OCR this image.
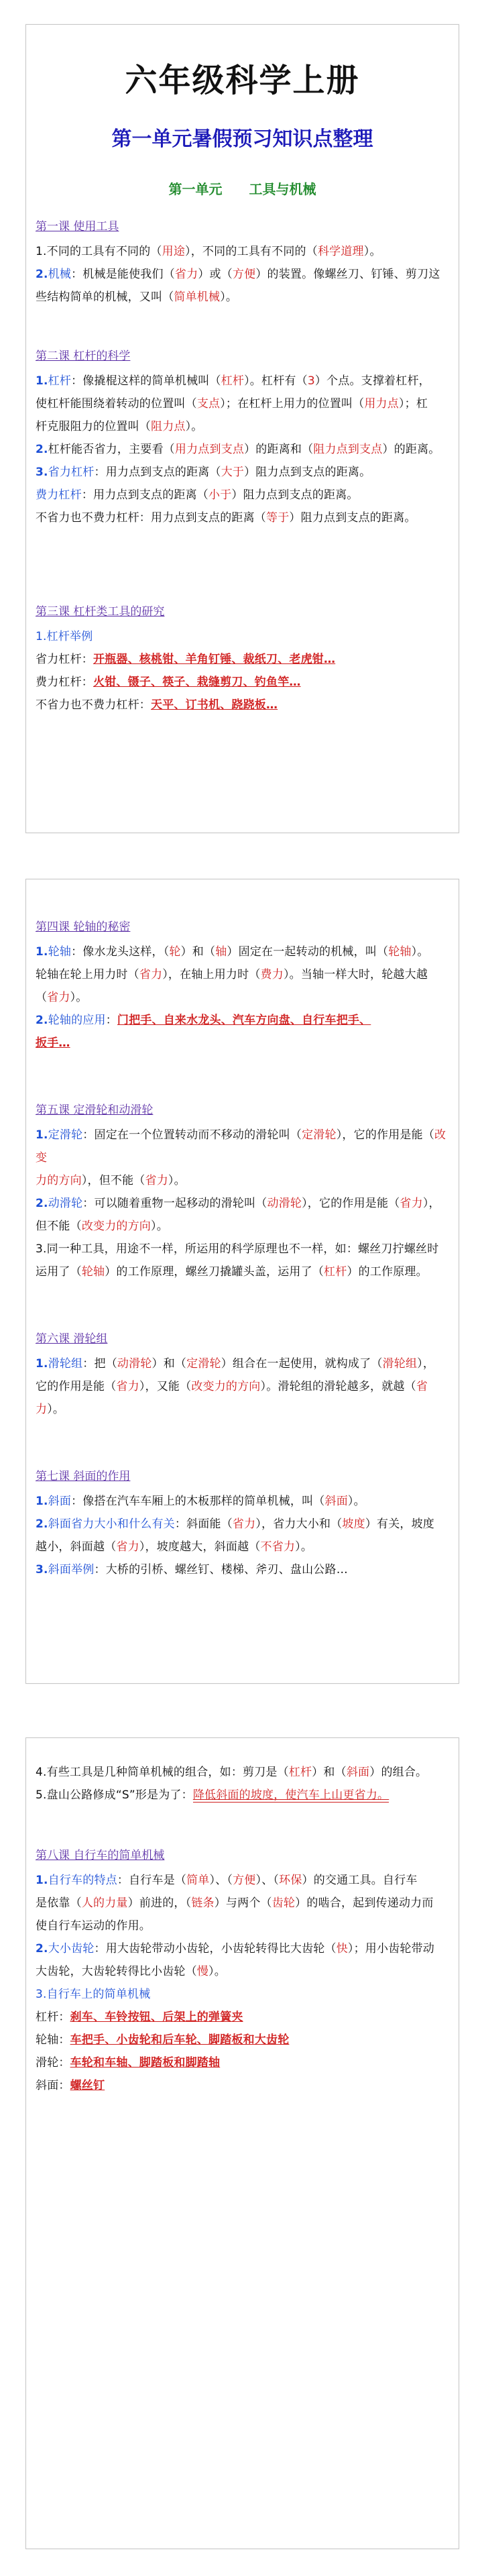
六年级科学上册
第一单元暑假预习知识点整理
第一单元　　工具与机械
第一课 使用工具
1.不同的工具有不同的（用途），不同的工具有不同的（科学道理）。
2.机械：机械是能使我们（省力）或（方便）的装置。像螺丝刀、钉锤、剪刀这
些结构简单的机械，又叫（简单机械）。
第二课 杠杆的科学
1.杠杆：像撬棍这样的简单机械叫（杠杆）。杠杆有（3）个点。支撑着杠杆，
使杠杆能围绕着转动的位置叫（支点）；在杠杆上用力的位置叫（用力点）；杠
杆克服阻力的位置叫（阻力点）。
2.杠杆能否省力，主要看（用力点到支点）的距离和（阻力点到支点）的距离。
3.省力杠杆：用力点到支点的距离（大于）阻力点到支点的距离。
费力杠杆：用力点到支点的距离（小于）阻力点到支点的距离。
不省力也不费力杠杆：用力点到支点的距离（等于）阻力点到支点的距离。
第三课 杠杆类工具的研究
1.杠杆举例
省力杠杆：开瓶器、核桃钳、羊角钉锤、裁纸刀、老虎钳…
费力杠杆：火钳、镊子、筷子、栽缝剪刀、钓鱼竿…
不省力也不费力杠杆：天平、订书机、跷跷板…
第四课 轮轴的秘密
1.轮轴：像水龙头这样，（轮）和（轴）固定在一起转动的机械，叫（轮轴）。
轮轴在轮上用力时（省力），在轴上用力时（费力）。当轴一样大时，轮越大越
（省力）。
2.轮轴的应用：门把手、自来水龙头、汽车方向盘、自行车把手、
扳手…
第五课 定滑轮和动滑轮
1.定滑轮：固定在一个位置转动而不移动的滑轮叫（定滑轮），它的作用是能（改变
力的方向），但不能（省力）。
2.动滑轮：可以随着重物一起移动的滑轮叫（动滑轮），它的作用是能（省力），
但不能（改变力的方向）。
3.同一种工具，用途不一样，所运用的科学原理也不一样，如：螺丝刀拧螺丝时
运用了（轮轴）的工作原理，螺丝刀撬罐头盖，运用了（杠杆）的工作原理。
第六课 滑轮组
1.滑轮组：把（动滑轮）和（定滑轮）组合在一起使用，就构成了（滑轮组），
它的作用是能（省力），又能（改变力的方向）。滑轮组的滑轮越多，就越（省
力）。
第七课 斜面的作用
1.斜面：像搭在汽车车厢上的木板那样的简单机械，叫（斜面）。
2.斜面省力大小和什么有关：斜面能（省力），省力大小和（坡度）有关，坡度
越小，斜面越（省力），坡度越大，斜面越（不省力）。
3.斜面举例：大桥的引桥、螺丝钉、楼梯、斧刃、盘山公路…
4.有些工具是几种简单机械的组合，如：剪刀是（杠杆）和（斜面）的组合。
5.盘山公路修成“S”形是为了：降低斜面的坡度，使汽车上山更省力。
第八课 自行车的简单机械
1.自行车的特点：自行车是（简单）、（方便）、（环保）的交通工具。自行车
是依靠（人的力量）前进的，（链条）与两个（齿轮）的啮合，起到传递动力而
使自行车运动的作用。
2.大小齿轮：用大齿轮带动小齿轮，小齿轮转得比大齿轮（快）；用小齿轮带动
大齿轮，大齿轮转得比小齿轮（慢）。
3.自行车上的简单机械
杠杆：刹车、车铃按钮、后架上的弹簧夹
轮轴：车把手、小齿轮和后车轮、脚踏板和大齿轮
滑轮：车轮和车轴、脚踏板和脚踏轴
斜面：螺丝钉
